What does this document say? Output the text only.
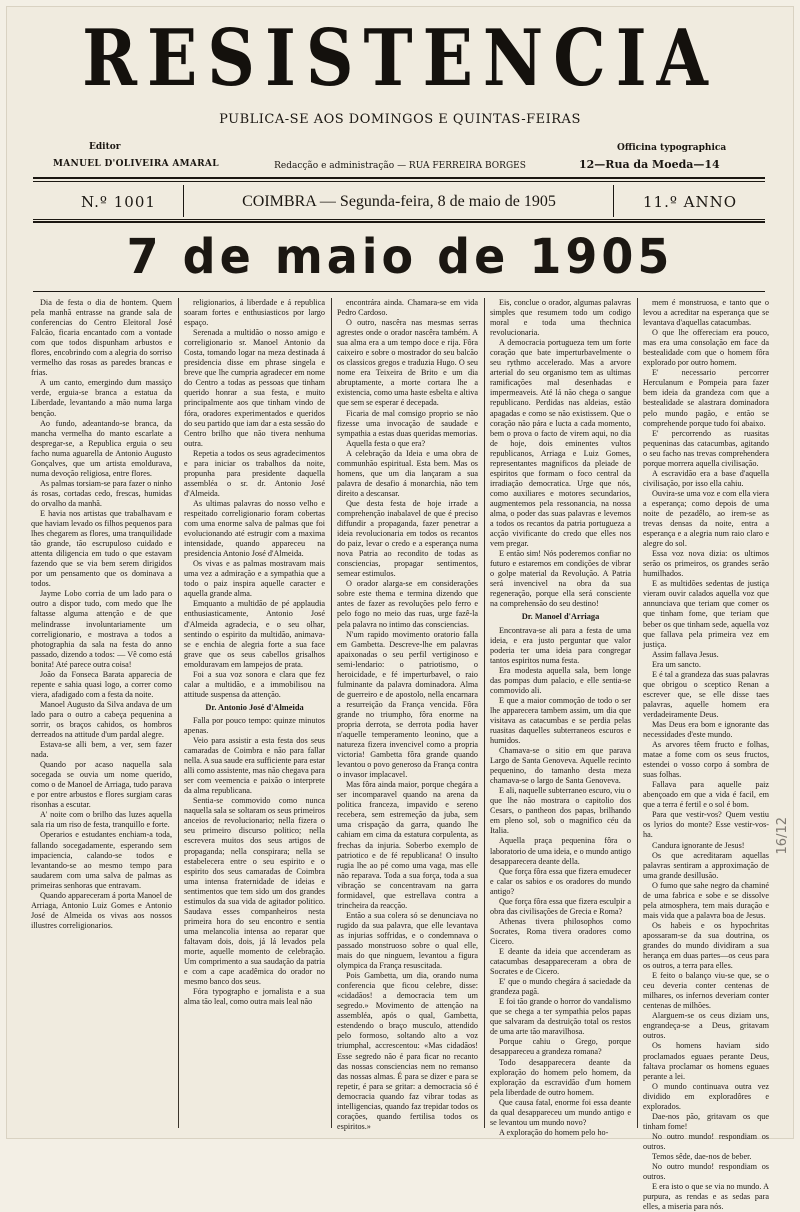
RESISTENCIA
PUBLICA-SE AOS DOMINGOS E QUINTAS-FEIRAS
Editor
MANUEL D'OLIVEIRA AMARAL	Redacção e administração — RUA FERREIRA BORGES
Officina typographica
12—Rua da Moeda—14
N.º 1001	COIMBRA — Segunda-feira, 8 de maio de 1905	11.º ANNO
7 de maio de 1905

Dia de festa o dia de hontem. Quem pela manhã entrasse na grande sala de conferencias do Centro Eleitoral José Falcão, ficaria encantado com a vontade com que todos dispunham arbustos e flores, encobrindo com a alegria do sorriso vermelho das rosas as paredes brancas e frias.

A um canto, emergindo dum massiço verde, erguia-se branca a estatua da Liberdade, levantando a mão numa larga benção.

Ao fundo, adeantando-se branca, da mancha vermelha do manto escarlate a despregar-se, a Republica erguia o seu facho numa aguarella de Antonio Augusto Gonçalves, que um artista emoldurava, numa devoção religiosa, entre flores.

As palmas torsiam-se para fazer o ninho ás rosas, cortadas cedo, frescas, humidas do orvalho da manhã.

E havia nos artistas que trabalhavam e que haviam levado os filhos pequenos para lhes chegarem as flores, uma tranquilidade tão grande, tão escrupuloso cuidado e attenta diligencia em tudo o que estavam fazendo que se via bem serem dirigidos por um pensamento que os dominava a todos.

Jayme Lobo corria de um lado para o outro a dispor tudo, com medo que lhe faltasse alguma attenção e de que melindrasse involuntariamente um correligionario, e mostrava a todos a photographia da sala na festa do anno passado, dizendo a todos: — Vê como está bonita! Até parece outra coisa!

João da Fonseca Barata apparecia de repente e sahia quasi logo, a correr como viera, afadigado com a festa da noite.

Manoel Augusto da Silva andava de um lado para o outro a cabeça pequenina a sorrir, os braços cahidos, os hombros derreados na attitude d'um pardal alegre.

Estava-se alli bem, a ver, sem fazer nada.

Quando por acaso naquella sala socegada se ouvia um nome querido, como o de Manoel de Arriaga, tudo parava e por entre arbustos e flores surgiam caras risonhas a escutar.

A' noite com o brilho das luzes aquella sala ria um riso de festa, tranquillo e forte.

Operarios e estudantes enchiam-a toda, fallando socegadamente, esperando sem impaciencia, calando-se todos e levantando-se ao mesmo tempo para saudarem com uma salva de palmas as primeiras senhoras que entravam.

Quando appareceram á porta Manoel de Arriaga, Antonio Luiz Gomes e Antonio José de Almeida os vivas aos nossos illustres correligionarios.

religionarios, á liberdade e á republica soaram fortes e enthusiasticos por largo espaço.

Serenada a multidão o nosso amigo e correligionario sr. Manoel Antonio da Costa, tomando logar na meza destinada á presidencia disse em phrase singela e breve que lhe cumpria agradecer em nome do Centro a todas as pessoas que tinham querido honrar a sua festa, e muito principalmente aos que tinham vindo de fóra, oradores experimentados e queridos do seu partido que iam dar a esta sessão do Centro brilho que não tivera nenhuma outra.

Repetia a todos os seus agradecimentos e para iniciar os trabalhos da noite, propunha para presidente daquella assembléa o sr. dr. Antonio José d'Almeida.

As ultimas palavras do nosso velho e respeitado correligionario foram cobertas com uma enorme salva de palmas que foi evolucionando até estrugir com a maxima intensidade, quando appareceu na presidencia Antonio José d'Almeida.

Os vivas e as palmas mostravam mais uma vez a admiração e a sympathia que a todo o paiz inspira aquelle caracter e aquella grande alma.

Emquanto a multidão de pé applaudia enthusiasticamente, Antonio José d'Almeida agradecia, e o seu olhar, sentindo o espirito da multidão, animava-se e enchia de alegria forte a sua face grave que os seus cabellos grisalhos emolduravam em lampejos de prata.

Foi a sua voz sonora e clara que fez calar a multidão, e a immobilisou na attitude suspensa da attenção.

Dr. Antonio José d'Almeida

Falla por pouco tempo: quinze minutos apenas.

Veio para assistir a esta festa dos seus camaradas de Coimbra e não para fallar nella. A sua saude era sufficiente para estar alli como assistente, mas não chegava para ser com veemencia e paixão o interprete da alma republicana.

Sentia-se commovido como nunca naquella sala se soltaram os seus primeiros anceios de revolucionario; nella fizera o seu primeiro discurso politico; nella escrevera muitos dos seus artigos de propaganda; nella conspirara; nella se estabelecera entre o seu espirito e o espirito dos seus camaradas de Coimbra uma intensa fraternidade de ideias e sentimentos que tem sido um dos grandes estimulos da sua vida de agitador politico. Saudava esses companheiros nesta primeira hora do seu encontro e sentia uma melancolia intensa ao reparar que faltavam dois, dois, já lá levados pela morte, aquelle momento de celebração. Um comprimento a sua saudação da patria e com a cape acadêmica do orador no mesmo banco dos seus.

Fóra typographo e jornalista e a sua alma tão leal, como outra mais leal não

encontrára ainda. Chamara-se em vida Pedro Cardoso.

O outro, nascêra nas mesmas serras agrestes onde o orador nascêra também. A sua alma era a um tempo doce e rija. Fôra caixeiro e sobre o mostrador do seu balcão os classicos gregos e traduzia Hugo. O seu nome era Teixeira de Brito e um dia abruptamente, a morte cortara lhe a existencia, como uma haste esbelta e altiva que sem se esperar é decepada.

Ficaria de mal comsigo proprio se não fizesse uma invocação de saudade e sympathia a estas duas queridas memorias.

Aquella festa o que era?

A celebração da Ideia e uma obra de communhão espiritual. Esta bem. Mas os homens, que um dia lançaram a sua palavra de desafio á monarchia, não tem direito a descansar.

Que desta festa de hoje irrade a comprehenção inabalavel de que é preciso diffundir a propaganda, fazer penetrar a ideia revolucionaria em todos os recantos do paiz, levar o credo e a esperança numa nova Patria ao recondito de todas as consciencias, propagar sentimentos, semear estimulos.

O orador alarga-se em considerações sobre este thema e termina dizendo que antes de fazer as revoluções pelo ferro e pelo fogo no meio das ruas, urge fazê-la pela palavra no intimo das consciencias.

N'um rapido movimento oratorio falla em Gambetta. Descreve-lhe em palavras apaixonadas o seu perfil vertiginoso e semi-lendario: o patriotismo, o heroicidade, e fé imperturbavel, o raio fulminante da palavra dominadora. Alma de guerreiro e de apostolo, nella encarnara a resurreição da França vencida. Fôra grande no triumpho, fôra enorme na propria derrota, se derrota podia haver n'aquelle temperamento leonino, que a natureza fizera invencivel como a propria victoria! Gambetta fôra grande quando levantou o povo generoso da França contra o invasor implacavel.

Mas fôra ainda maior, porque chegára a ser incomparavel quando na arena da politica franceza, impavido e sereno recebera, sem estremeção da juba, sem uma crispação da garra, quando lhe cahiam em cima da estatura corpulenta, as frechas da injuria. Soberbo exemplo de patriotico e de fé republicana! O insulto rugia lhe ao pé como uma vaga, mas elle não reparava. Toda a sua força, toda a sua vibração se concentravam na garra formidavel, que estrellava contra a trincheira da reacção.

Então a sua colera só se denunciava no rugido da sua palavra, que elle levantava as injurias soffridas, e o condemnava o passado monstruoso sobre o qual elle, mais do que ninguem, levantou a figura olympica da França resuscitada.

Pois Gambetta, um dia, orando numa conferencia que ficou celebre, disse: «cidadãos! a democracia tem um segredo.» Movimento de attenção na assembléa, após o qual, Gambetta, estendendo o braço musculo, attendido pelo formoso, soltando alto a voz triumphal, accrescentou: «Mas cidadãos! Esse segredo não é para ficar no recanto das nossas consciencias nem no remanso das nossas almas. É para se dizer e para se repetir, é para se gritar: a democracia só é democracia quando faz vibrar todas as intelligencias, quando faz trepidar todos os corações, quando fertilisa todos os espiritos.»

Eis, conclue o orador, algumas palavras simples que resumem todo um codigo moral e toda uma thechnica revolucionaria.

A democracia portugueza tem um forte coração que bate imperturbavelmente o seu rythmo accelerado. Mas a arvore arterial do seu organismo tem as ultimas ramificações mal desenhadas e impermeaveis. Até lá não chega o sangue republicano. Perdidas nas aldeias, estão apagadas e como se não existissem. Que o coração não pára e lucta a cada momento, bem o prova o facto de virem aqui, no dia de hoje, dois eminentes vultos republicanos, Arriaga e Luiz Gomes, representantes magnificos da pleiade de espiritos que formam o foco central da irradiação democratica. Urge que nós, como auxiliares e motores secundarios, augmentemos pela ressonancia, na nossa alma, o poder das suas palavras e levemos a todos os recantos da patria portugueza a acção vivificante do credo que elles nos vem pregar.

E então sim! Nós poderemos confiar no futuro e estaremos em condições de vibrar o golpe material da Revolução. A Patria será invencivel na obra da sua regeneração, porque ella será consciente na comprehensão do seu destino!

Dr. Manoel d'Arriaga

Encontrava-se ali para a festa de uma ideia, e era justo perguntar que valor poderia ter uma ideia para congregar tantos espiritos numa festa.

Era modesta aquella sala, bem longe das pompas dum palacio, e elle sentia-se commovido ali.

E que a maior commoção de todo o ser lhe apparecera tambem assim, um dia que visitava as catacumbas e se perdia pelas ruasitas daquelles subterraneos escuros e humidos.

Chamava-se o sitio em que parava Largo de Santa Genoveva. Aquelle recinto pequenino, do tamanho desta meza chamava-se o largo de Santa Genoveva.

E ali, naquelle subterraneo escuro, viu o que lhe não mostrara o capitolio dos Cesars, o pantheon dos papas, brilhando em pleno sol, sob o magnifico céu da Italia.

Aquella praça pequenina fôra o laboratorio de uma ideia, e o mundo antigo desapparecera deante della.

Que força fôra essa que fizera emudecer e calar os sabios e os oradores do mundo antigo?

Que força fôra essa que fizera esculpir a obra das civilisações de Grecia e Roma?

Athenas tivera philosophos como Socrates, Roma tivera oradores como Cicero.

E deante da ideia que accenderam as catacumbas desappareceram a obra de Socrates e de Cicero.

E' que o mundo chegára á saciedade da grandeza pagã.

E foi tão grande o horror do vandalismo que se chega a ter sympathia pelos papas que salvaram da destruição total os restos de uma arte tão maravilhosa.

Porque cahiu o Grego, porque desappareceu a grandeza romana?

Todo desapparecera deante da exploração do homem pelo homem, da exploração da escravidão d'um homem pela liberdade de outro homem.

Que causa fatal, enorme foi essa deante da qual desappareceu um mundo antigo e se levantou um mundo novo?

A exploração do homem pelo ho-

mem é monstruosa, e tanto que o levou a acreditar na esperança que se levantava d'aquellas catacumbas.

O que lhe offereciam era pouco, mas era uma consolação em face da bestealidade com que o homem fôra explorado por outro homem.

E' necessario percorrer Herculanum e Pompeia para fazer bem ideia da grandeza com que a bestealidade se alastrara dominadora pelo mundo pagão, e então se comprehende porque tudo foi abaixo.

E' percorrendo as ruasitas pequeninas das catacumbas, agitando o seu facho nas trevas comprehendera porque morrera aquella civilisação.

A escravidão era a base d'aquella civilisação, por isso ella cahiu.

Ouvira-se uma voz e com ella viera a esperança; como depois de uma noite de pezadêlo, ao irem-se as trevas densas da noite, entra a esperança e a alegria num raio claro e alegre do sol.

Essa voz nova dizia: os ultimos serão os primeiros, os grandes serão humilhados.

E as multidões sedentas de justiça vieram ouvir calados aquella voz que annunciava que teriam que comer os que tinham fome, que teriam que beber os que tinham sede, aquella voz que fallava pela primeira vez em justiça.

Assim fallava Jesus.

Era um sancto.

E é tal a grandeza das suas palavras que obrigou o sceptico Renan a escrever que, se elle disse taes palavras, aquelle homem era verdadeiramente Deus.

Mas Deus era bom e ignorante das necessidades d'este mundo.

As arvores têem fructo e folhas, matae a fome com os seus fructos, estendei o vosso corpo á sombra de suas folhas.

Fallava para aquelle paiz abençoado em que a vida é facil, em que a terra é fertil e o sol é bom.

Para que vestir-vos? Quem vestiu os lyrios do monte? Esse vestir-vos-ha.

Candura ignorante de Jesus!

Os que acreditaram aquellas palavras sentiram a approximação de uma grande desillusão.

O fumo que sahe negro da chaminé de uma fabrica e sobe e se dissolve pela atmosphera, tem mais duração e mais vida que a palavra boa de Jesus.

Os habeis e os hypochritas apossaram-se da sua doutrina, os grandes do mundo dividiram a sua herança em duas partes—os ceus para os outros, a terra para elles.

E feito o balanço viu-se que, se o ceu deveria conter centenas de milhares, os infernos deveriam conter centenas de milhões.

Alarguem-se os ceus diziam uns, engrandeça-se a Deus, gritavam outros.

Os homens haviam sido proclamados eguaes perante Deus, faltava proclamar os homens eguaes perante a lei.

O mundo continuava outra vez dividido em exploradôres e explorados.

Dae-nos pão, gritavam os que tinham fome!

No outro mundo! respondiam os outros.

Temos sêde, dae-nos de beber.

No outro mundo! respondiam os outros.

E era isto o que se via no mundo. A purpura, as rendas e as sedas para elles, a miseria para nós.

16/12
